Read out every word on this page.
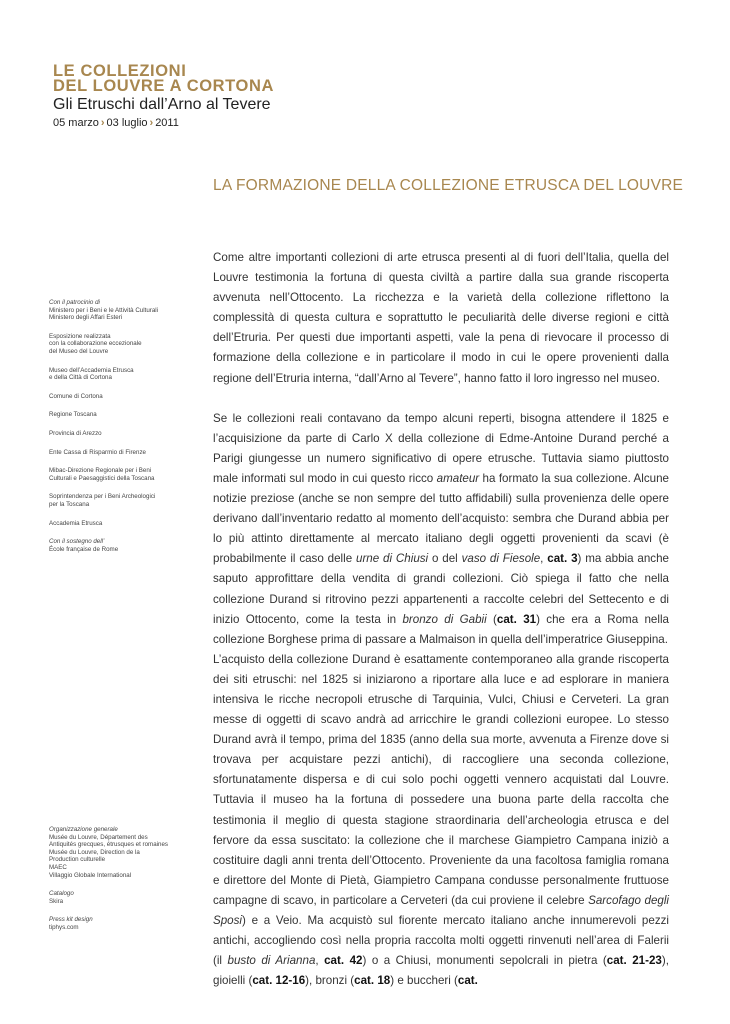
LE COLLEZIONI
DEL LOUVRE A CORTONA
Gli Etruschi dall’Arno al Tevere
05 marzo › 03 luglio › 2011
LA FORMAZIONE DELLA COLLEZIONE ETRUSCA DEL LOUVRE
Con il patrocinio di
Ministero per i Beni e le Attività Culturali
Ministero degli Affari Esteri
Esposizione realizzata
con la collaborazione eccezionale
del Museo del Louvre
Museo dell’Accademia Etrusca
e della Città di Cortona
Comune di Cortona
Regione Toscana
Provincia di Arezzo
Ente Cassa di Risparmio di Firenze
Mibac-Direzione Regionale per i Beni
Culturali e Paesaggistici della Toscana
Soprintendenza per i Beni Archeologici
per la Toscana
Accademia Etrusca
Con il sostegno dell’
École française de Rome
Organizzazione generale
Musée du Louvre, Département des
Antiquités grecques, étrusques et romaines
Musée du Louvre, Direction de la
Production culturelle
MAEC
Villaggio Globale International
Catalogo
Skira
Press kit design
tiphys.com

Come altre importanti collezioni di arte etrusca presenti al di fuori dell’Italia, quella del Louvre testimonia la fortuna di questa civiltà a partire dalla sua grande riscoperta avvenuta nell’Ottocento. La ricchezza e la varietà della collezione riflettono la complessità di questa cultura e soprattutto le peculiarità delle diverse regioni e città dell’Etruria. Per questi due importanti aspetti, vale la pena di rievocare il processo di formazione della collezione e in particolare il modo in cui le opere provenienti dalla regione dell’Etruria interna, “dall’Arno al Tevere”, hanno fatto il loro ingresso nel museo.

Se le collezioni reali contavano da tempo alcuni reperti, bisogna attendere il 1825 e l’acquisizione da parte di Carlo X della collezione di Edme-Antoine Durand perché a Parigi giungesse un numero significativo di opere etrusche. Tuttavia siamo piuttosto male informati sul modo in cui questo ricco amateur ha formato la sua collezione. Alcune notizie preziose (anche se non sempre del tutto affidabili) sulla provenienza delle opere derivano dall’inventario redatto al momento dell’acquisto: sembra che Durand abbia per lo più attinto direttamente al mercato italiano degli oggetti provenienti da scavi (è probabilmente il caso delle urne di Chiusi o del vaso di Fiesole, cat. 3) ma abbia anche saputo approfittare della vendita di grandi collezioni. Ciò spiega il fatto che nella collezione Durand si ritrovino pezzi appartenenti a raccolte celebri del Settecento e di inizio Ottocento, come la testa in bronzo di Gabii (cat. 31) che era a Roma nella collezione Borghese prima di passare a Malmaison in quella dell’imperatrice Giuseppina.

L’acquisto della collezione Durand è esattamente contemporaneo alla grande riscoperta dei siti etruschi: nel 1825 si iniziarono a riportare alla luce e ad esplorare in maniera intensiva le ricche necropoli etrusche di Tarquinia, Vulci, Chiusi e Cerveteri. La gran messe di oggetti di scavo andrà ad arricchire le grandi collezioni europee. Lo stesso Durand avrà il tempo, prima del 1835 (anno della sua morte, avvenuta a Firenze dove si trovava per acquistare pezzi antichi), di raccogliere una seconda collezione, sfortunatamente dispersa e di cui solo pochi oggetti vennero acquistati dal Louvre. Tuttavia il museo ha la fortuna di possedere una buona parte della raccolta che testimonia il meglio di questa stagione straordinaria dell’archeologia etrusca e del fervore da essa suscitato: la collezione che il marchese Giampietro Campana iniziò a costituire dagli anni trenta dell’Ottocento. Proveniente da una facoltosa famiglia romana e direttore del Monte di Pietà, Giampietro Campana condusse personalmente fruttuose campagne di scavo, in particolare a Cerveteri (da cui proviene il celebre Sarcofago degli Sposi) e a Veio. Ma acquistò sul fiorente mercato italiano anche innumerevoli pezzi antichi, accogliendo così nella propria raccolta molti oggetti rinvenuti nell’area di Falerii (il busto di Arianna, cat. 42) o a Chiusi, monumenti sepolcrali in pietra (cat. 21-23), gioielli (cat. 12-16), bronzi (cat. 18) e buccheri (cat.
